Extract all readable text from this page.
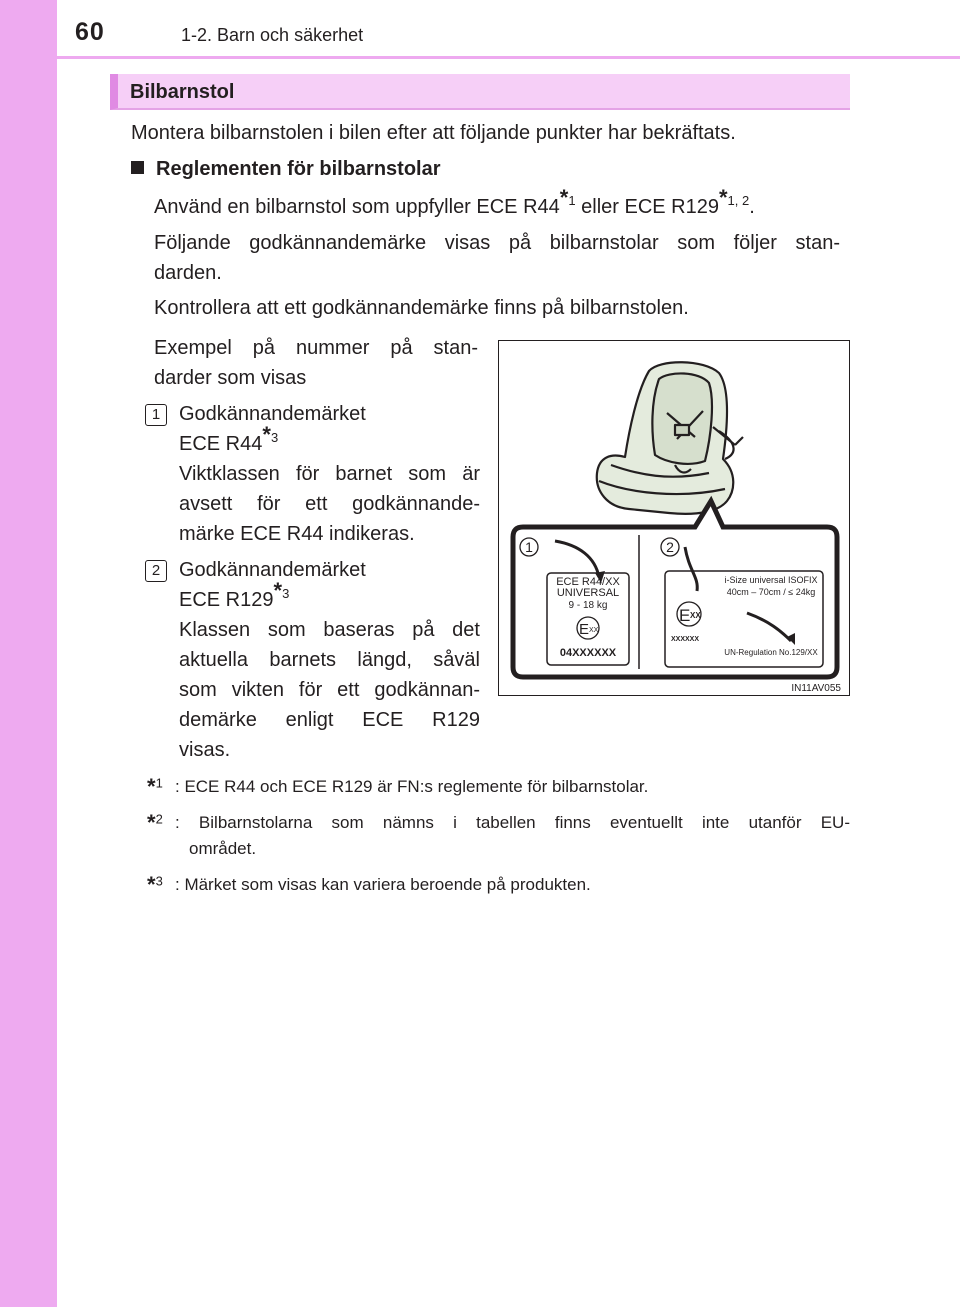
60	1-2. Barn och säkerhet
Bilbarnstol
Montera bilbarnstolen i bilen efter att följande punkter har bekräftats.
Reglementen för bilbarnstolar
Använd en bilbarnstol som uppfyller ECE R44$^{*1}$ eller ECE R129$^{*1, 2}$.
Följande godkännandemärke visas på bilbarnstolar som följer stan-
darden.
Kontrollera att ett godkännandemärke finns på bilbarnstolen.
Exempel på nummer på stan-
darder som visas
1 Godkännandemärket
ECE R44$^{*3}$
Viktklassen för barnet som är
avsett för ett godkännande-
märke ECE R44 indikeras.
2 Godkännandemärket
ECE R129$^{*3}$
Klassen som baseras på det
aktuella barnets längd, såväl
som vikten för ett godkännan-
demärke enligt ECE R129
visas.
1	2
ECE R44/XX
UNIVERSAL
9 - 18 kg
E XX
04XXXXXX
i-Size universal ISOFIX
40cm – 70cm / ≤ 24kg
E XX
XXXXXX
UN-Regulation No.129/XX
IN11AV055
*$^1$ : ECE R44 och ECE R129 är FN:s reglemente för bilbarnstolar.
*$^2$ : Bilbarnstolarna som nämns i tabellen finns eventuellt inte utanför EU-
området.
*$^3$ : Märket som visas kan variera beroende på produkten.
